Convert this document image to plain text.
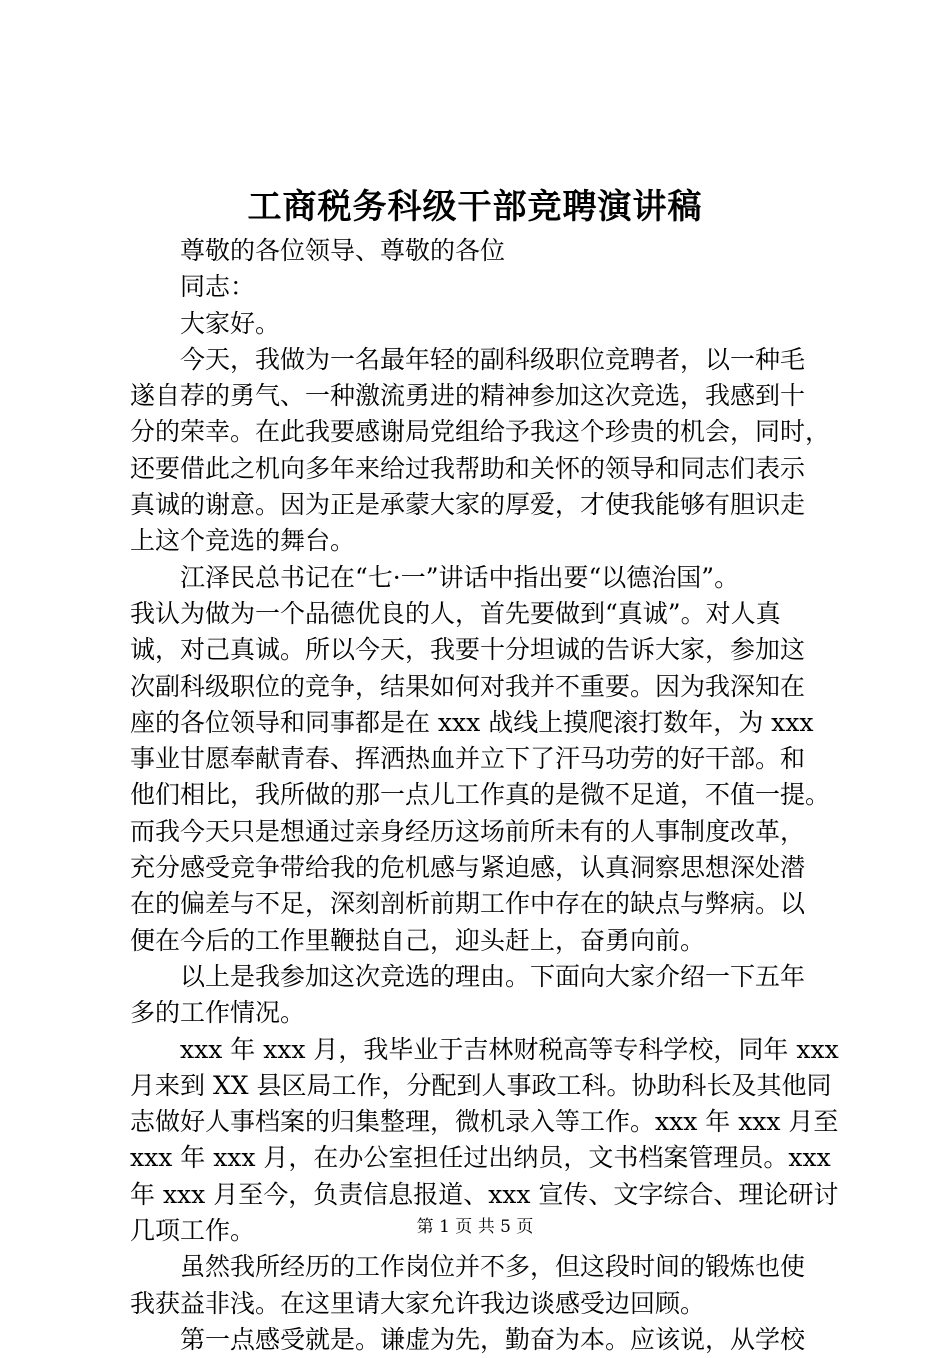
工商税务科级干部竞聘演讲稿
尊敬的各位领导、尊敬的各位
同志：
大家好。
今天，我做为一名最年轻的副科级职位竞聘者，以一种毛
遂自荐的勇气、一种激流勇进的精神参加这次竞选，我感到十
分的荣幸。在此我要感谢局党组给予我这个珍贵的机会，同时，
还要借此之机向多年来给过我帮助和关怀的领导和同志们表示
真诚的谢意。因为正是承蒙大家的厚爱，才使我能够有胆识走
上这个竞选的舞台。
江泽民总书记在“七·一”讲话中指出要“以德治国”。
我认为做为一个品德优良的人，首先要做到“真诚”。对人真
诚，对己真诚。所以今天，我要十分坦诚的告诉大家，参加这
次副科级职位的竞争，结果如何对我并不重要。因为我深知在
座的各位领导和同事都是在 xxx 战线上摸爬滚打数年，为 xxx
事业甘愿奉献青春、挥洒热血并立下了汗马功劳的好干部。和
他们相比，我所做的那一点儿工作真的是微不足道，不值一提。
而我今天只是想通过亲身经历这场前所未有的人事制度改革，
充分感受竞争带给我的危机感与紧迫感，认真洞察思想深处潜
在的偏差与不足，深刻剖析前期工作中存在的缺点与弊病。以
便在今后的工作里鞭挞自己，迎头赶上，奋勇向前。
以上是我参加这次竞选的理由。下面向大家介绍一下五年
多的工作情况。
xxx 年 xxx 月，我毕业于吉林财税高等专科学校，同年 xxx
月来到 XX 县区局工作，分配到人事政工科。协助科长及其他同
志做好人事档案的归集整理，微机录入等工作。xxx 年 xxx 月至
xxx 年 xxx 月，在办公室担任过出纳员，文书档案管理员。xxx
年 xxx 月至今，负责信息报道、xxx 宣传、文字综合、理论研讨
几项工作。
虽然我所经历的工作岗位并不多，但这段时间的锻炼也使
我获益非浅。在这里请大家允许我边谈感受边回顾。
第一点感受就是。谦虚为先，勤奋为本。应该说，从学校
第 1 页 共 5 页
